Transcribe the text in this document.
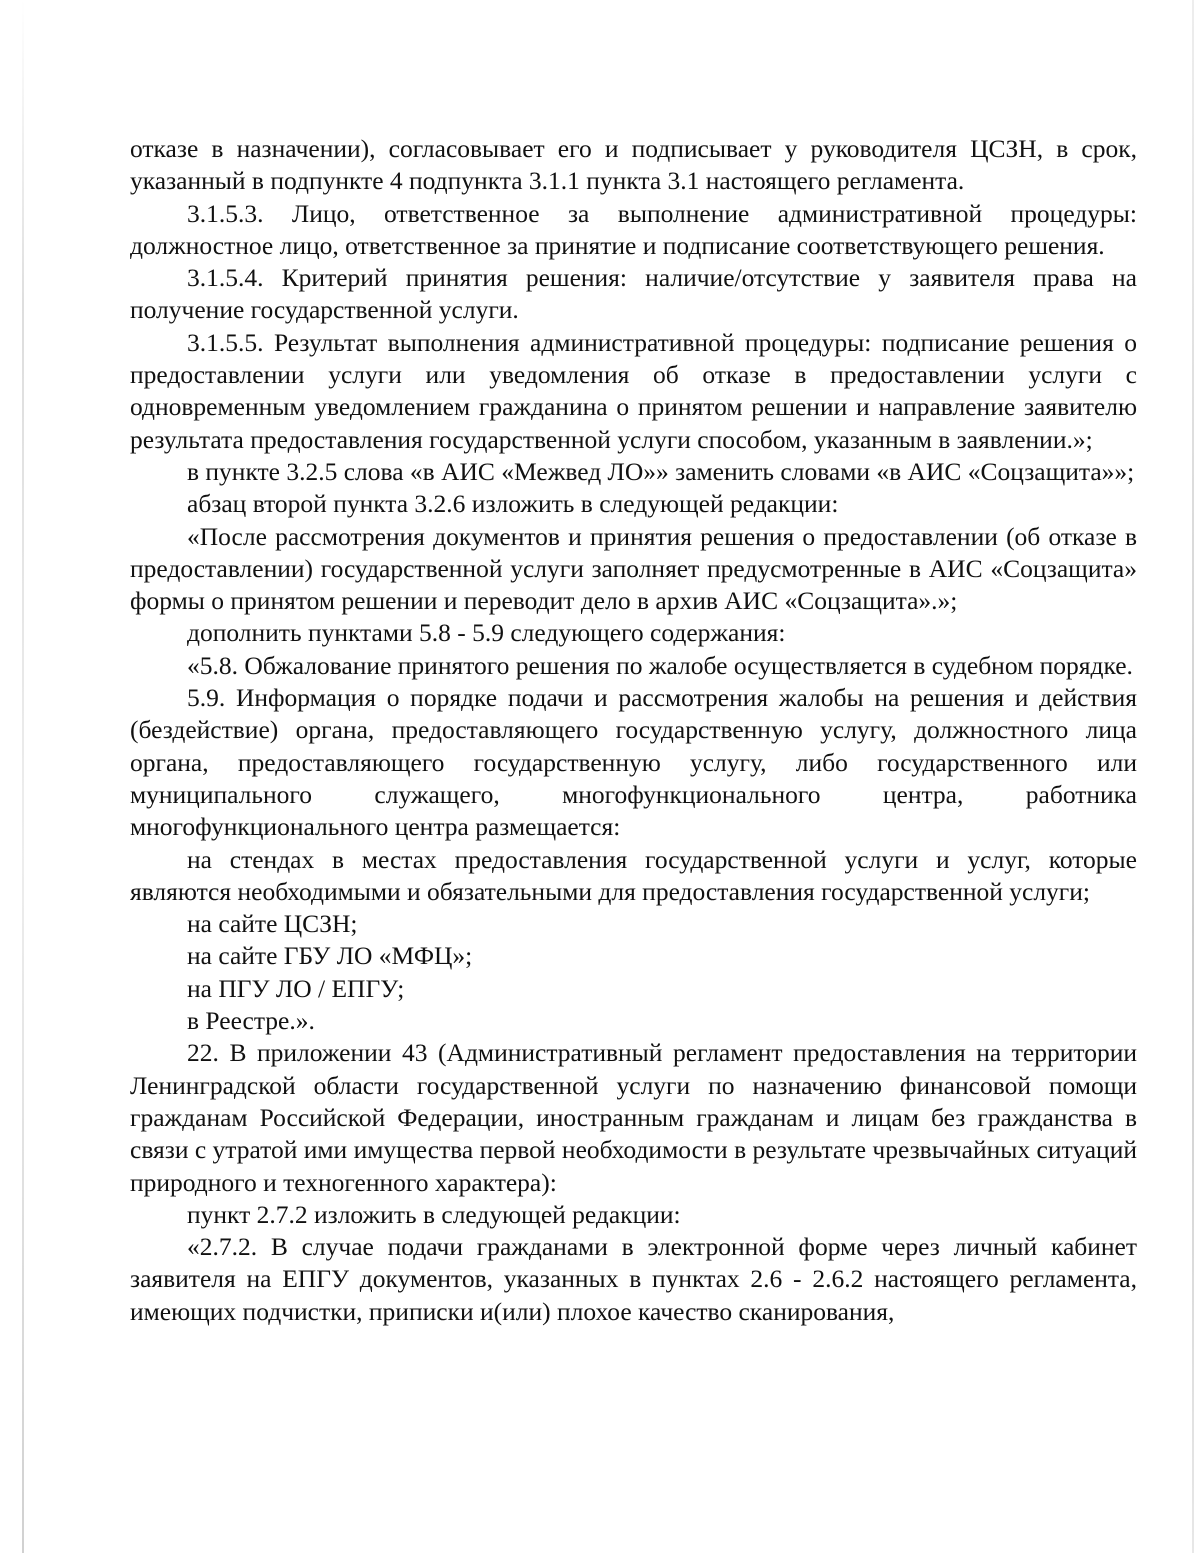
отказе в назначении), согласовывает его и подписывает у руководителя ЦСЗН, в срок, указанный в подпункте 4 подпункта 3.1.1 пункта 3.1 настоящего регламента.

3.1.5.3. Лицо, ответственное за выполнение административной процедуры: должностное лицо, ответственное за принятие и подписание соответствующего решения.

3.1.5.4. Критерий принятия решения: наличие/отсутствие у заявителя права на получение государственной услуги.

3.1.5.5. Результат выполнения административной процедуры: подписание решения о предоставлении услуги или уведомления об отказе в предоставлении услуги с одновременным уведомлением гражданина о принятом решении и направление заявителю результата предоставления государственной услуги способом, указанным в заявлении.»;

в пункте 3.2.5 слова «в АИС «Межвед ЛО»» заменить словами «в АИС «Соцзащита»»;

абзац второй пункта 3.2.6 изложить в следующей редакции:

«После рассмотрения документов и принятия решения о предоставлении (об отказе в предоставлении) государственной услуги заполняет предусмотренные в АИС «Соцзащита» формы о принятом решении и переводит дело в архив АИС «Соцзащита».»;

дополнить пунктами 5.8 - 5.9 следующего содержания:

«5.8. Обжалование принятого решения по жалобе осуществляется в судебном порядке.

5.9. Информация о порядке подачи и рассмотрения жалобы на решения и действия (бездействие) органа, предоставляющего государственную услугу, должностного лица органа, предоставляющего государственную услугу, либо государственного или муниципального служащего, многофункционального центра, работника многофункционального центра размещается:

на стендах в местах предоставления государственной услуги и услуг, которые являются необходимыми и обязательными для предоставления государственной услуги;

на сайте ЦСЗН;

на сайте ГБУ ЛО «МФЦ»;

на ПГУ ЛО / ЕПГУ;

в Реестре.».

22. В приложении 43 (Административный регламент предоставления на территории Ленинградской области государственной услуги по назначению финансовой помощи гражданам Российской Федерации, иностранным гражданам и лицам без гражданства в связи с утратой ими имущества первой необходимости в результате чрезвычайных ситуаций природного и техногенного характера):

пункт 2.7.2 изложить в следующей редакции:

«2.7.2. В случае подачи гражданами в электронной форме через личный кабинет заявителя на ЕПГУ документов, указанных в пунктах 2.6 - 2.6.2 настоящего регламента, имеющих подчистки, приписки и(или) плохое качество сканирования,
